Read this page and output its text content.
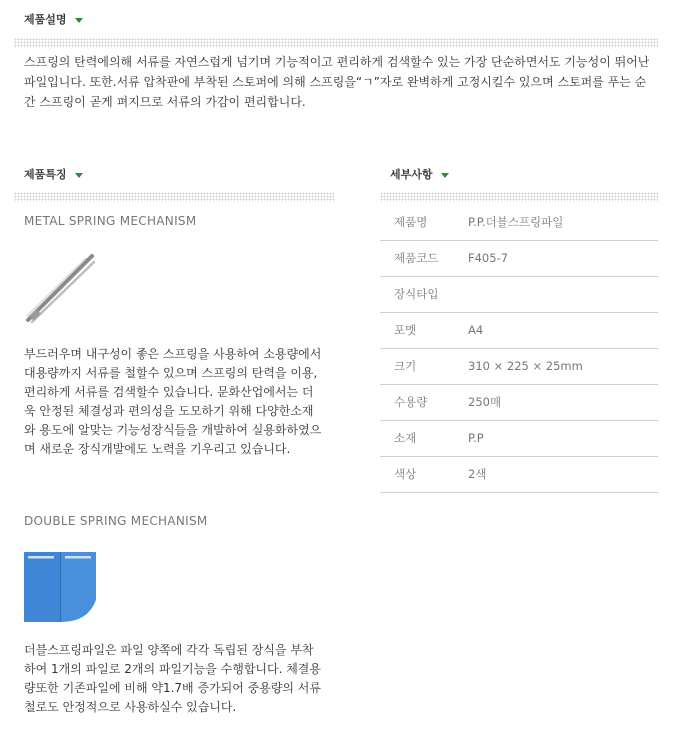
제품설명
스프링의 탄력에의해 서류를 자연스럽게 넘기며 기능적이고 편리하게 검색할수 있는 가장 단순하면서도 기능성이 뛰어난 파일입니다. 또한.서류 압착판에 부착된 스토퍼에 의해 스프링을“ㄱ”자로 완벽하게 고정시킬수 있으며 스토퍼를 푸는 순간 스프링이 곧게 펴지므로 서류의 가감이 편리합니다.
제품특징	세부사항
METAL SPRING MECHANISM
부드러우며 내구성이 좋은 스프링을 사용하여 소용량에서 대용량까지 서류를 철할수 있으며 스프링의 탄력을 이용, 편리하게 서류를 검색할수 있습니다. 문화산업에서는 더욱 안정된 체결성과 편의성을 도모하기 위해 다양한소재와 용도에 알맞는 기능성장식들을 개발하여 실용화하였으며 새로운 장식개발에도 노력을 기우리고 있습니다.
DOUBLE SPRING MECHANISM
더블스프링파일은 파일 양쪽에 각각 독립된 장식을 부착하여 1개의 파일로 2개의 파일기능을 수행합니다. 체결용량또한 기존파일에 비해 약1.7배 증가되어 중용량의 서류철로도 안정적으로 사용하실수 있습니다.
제품명	P.P.더블스프링파일
제품코드	F405-7
장식타입	
포멧	A4
크기	310 × 225 × 25mm
수용량	250매
소재	P.P
색상	2색
